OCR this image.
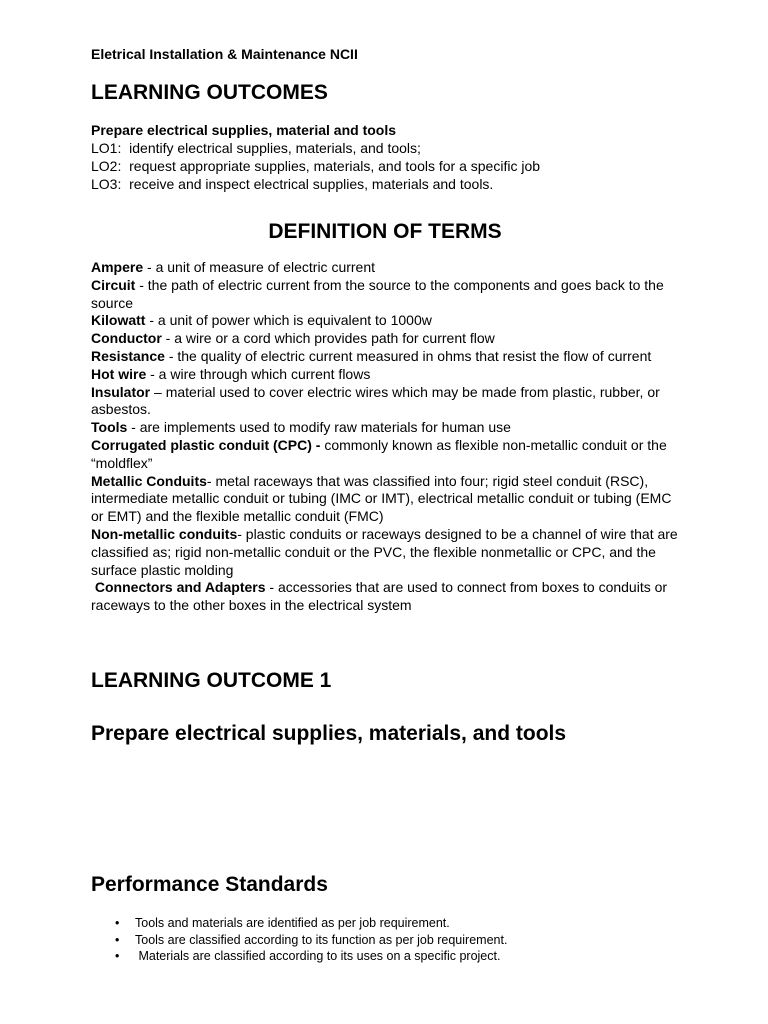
Eletrical Installation & Maintenance NCII
LEARNING OUTCOMES
Prepare electrical supplies, material and tools
LO1:  identify electrical supplies, materials, and tools;
LO2:  request appropriate supplies, materials, and tools for a specific job
LO3:  receive and inspect electrical supplies, materials and tools.
DEFINITION OF TERMS

Ampere - a unit of measure of electric current

Circuit - the path of electric current from the source to the components and goes back to the source

Kilowatt - a unit of power which is equivalent to 1000w

Conductor - a wire or a cord which provides path for current flow

Resistance - the quality of electric current measured in ohms that resist the flow of current

Hot wire - a wire through which current flows

Insulator – material used to cover electric wires which may be made from plastic, rubber, or asbestos.

Tools - are implements used to modify raw materials for human use

Corrugated plastic conduit (CPC) - commonly known as flexible non-metallic conduit or the “moldflex”

Metallic Conduits- metal raceways that was classified into four; rigid steel conduit (RSC), intermediate metallic conduit or tubing (IMC or IMT), electrical metallic conduit or tubing (EMC or EMT) and the flexible metallic conduit (FMC)

Non-metallic conduits- plastic conduits or raceways designed to be a channel of wire that are classified as; rigid non-metallic conduit or the PVC, the flexible nonmetallic or CPC, and the surface plastic molding

Connectors and Adapters - accessories that are used to connect from boxes to conduits or raceways to the other boxes in the electrical system

LEARNING OUTCOME 1
Prepare electrical supplies, materials, and tools
Performance Standards
• Tools and materials are identified as per job requirement.
• Tools are classified according to its function as per job requirement.
• Materials are classified according to its uses on a specific project.
